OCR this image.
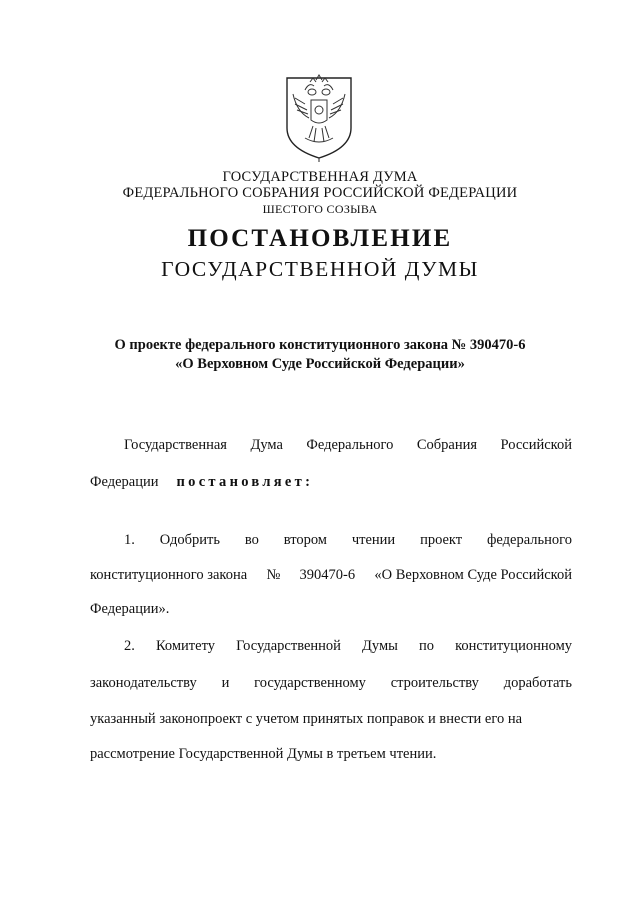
ГОСУДАРСТВЕННАЯ ДУМА
ФЕДЕРАЛЬНОГО СОБРАНИЯ РОССИЙСКОЙ ФЕДЕРАЦИИ
ШЕСТОГО СОЗЫВА
ПОСТАНОВЛЕНИЕ
ГОСУДАРСТВЕННОЙ ДУМЫ
О проекте федерального конституционного закона № 390470-6
«О Верховном Суде Российской Федерации»
Государственная Дума Федерального Собрания Российской
Федерации постановляет:
1. Одобрить во втором чтении проект федерального
конституционного закона № 390470-6 «О Верховном Суде Российской
Федерации».
2. Комитету Государственной Думы по конституционному
законодательству и государственному строительству доработать
указанный законопроект с учетом принятых поправок и внести его на
рассмотрение Государственной Думы в третьем чтении.
